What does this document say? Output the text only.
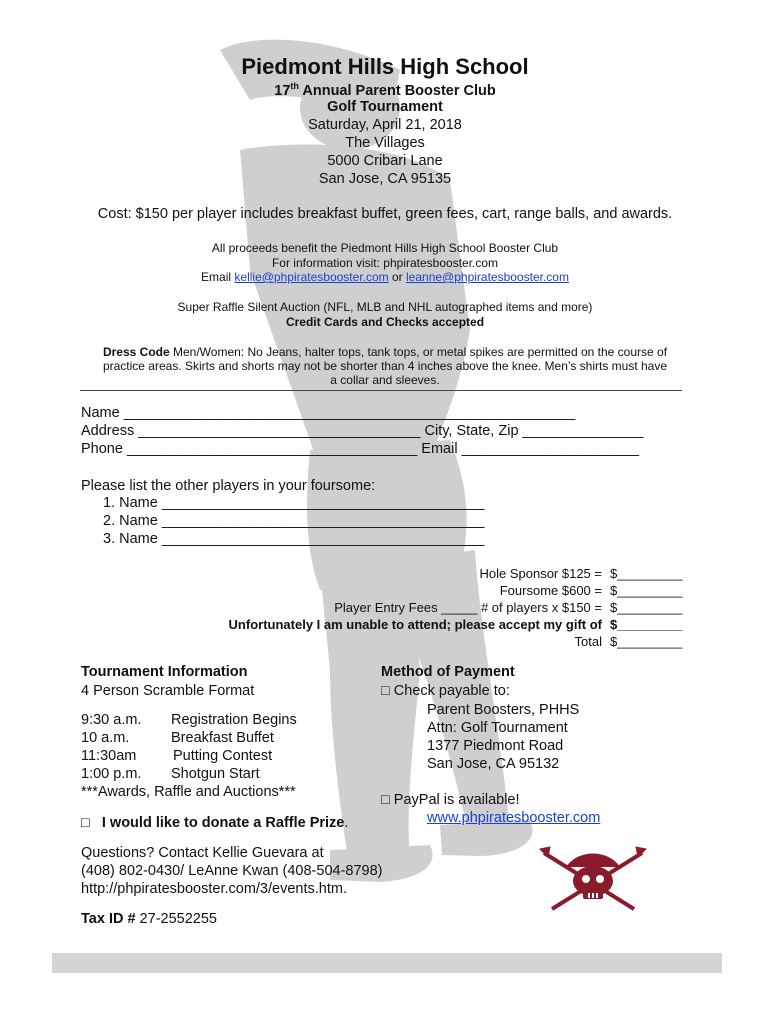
Piedmont Hills High School
17th Annual Parent Booster Club
Golf Tournament
Saturday, April 21, 2018
The Villages
5000 Cribari Lane
San Jose, CA 95135
Cost: $150 per player includes breakfast buffet, green fees, cart, range balls, and awards.
All proceeds benefit the Piedmont Hills High School Booster Club
For information visit: phpiratesbooster.com
Email kellie@phpiratesbooster.com or leanne@phpiratesbooster.com
Super Raffle Silent Auction (NFL, MLB and NHL autographed items and more)
Credit Cards and Checks accepted
Dress Code Men/Women: No Jeans, halter tops, tank tops, or metal spikes are permitted on the course of
practice areas. Skirts and shorts may not be shorter than 4 inches above the knee. Men’s shirts must have
a collar and sleeves.
Name ________________________________________________________
Address ___________________________________ City, State, Zip _______________
Phone ____________________________________ Email ______________________
Please list the other players in your foursome:
1. Name ________________________________________
2. Name ________________________________________
3. Name ________________________________________
Hole Sponsor $125 = $_________
Foursome $600 = $_________
Player Entry Fees _____ # of players x $150 = $_________
Unfortunately I am unable to attend; please accept my gift of $_________
Total $_________
Tournament Information
4 Person Scramble Format
9:30 a.m. Registration Begins
10 a.m.	Breakfast Buffet
11:30am	Putting Contest
1:00 p.m. Shotgun Start
***Awards, Raffle and Auctions***
□ I would like to donate a Raffle Prize.
Method of Payment
□ Check payable to:
Parent Boosters, PHHS
Attn: Golf Tournament
1377 Piedmont Road
San Jose, CA 95132
□ PayPal is available!
www.phpiratesbooster.com
Questions? Contact Kellie Guevara at
(408) 802-0430/ LeAnne Kwan (408-504-8798)
http://phpiratesbooster.com/3/events.htm.
Tax ID # 27-2552255
